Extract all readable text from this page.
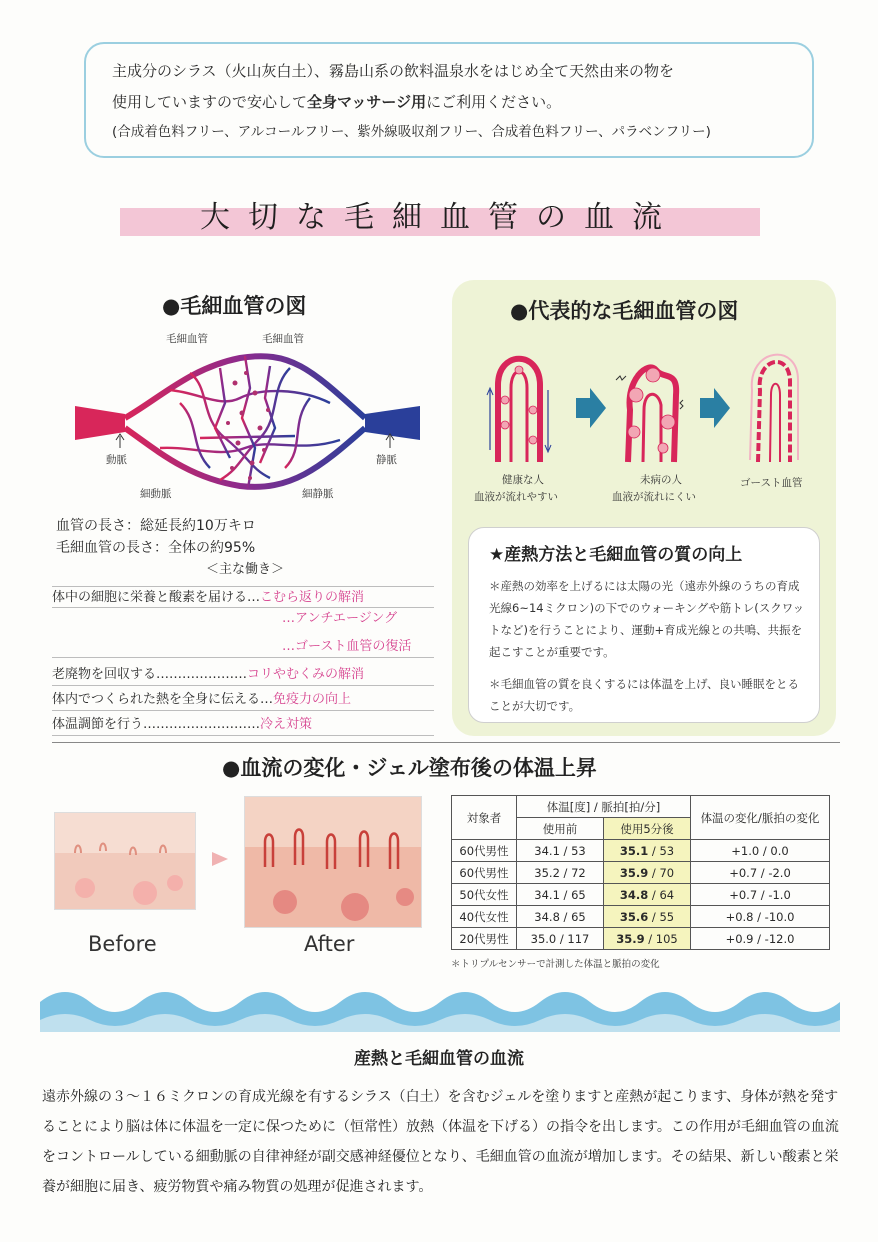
主成分のシラス（火山灰白土）、霧島山系の飲料温泉水をはじめ全て天然由来の物を
使用していますので安心して全身マッサージ用にご利用ください。
(合成着色料フリー、アルコールフリー、紫外線吸収剤フリー、合成着色料フリー、パラベンフリー)
大切な毛細血管の血流
●毛細血管の図
毛細血管	毛細血管
動脈	静脈
細動脈	細静脈
血管の長さ：総延長約10万キロ
毛細血管の長さ：全体の約95%
＜主な働き＞
体中の細胞に栄養と酸素を届ける…こむら返りの解消
…アンチエージング
…ゴースト血管の復活
老廃物を回収する…………………コリやむくみの解消
体内でつくられた熱を全身に伝える…免疫力の向上
体温調節を行う………………………冷え対策
●代表的な毛細血管の図
健康な人
血液が流れやすい
未病の人
血液が流れにくい
ゴースト血管
★産熱方法と毛細血管の質の向上

＊産熱の効率を上げるには太陽の光（遠赤外線のうちの育成光線6~14ミクロン)の下でのウォーキングや筋トレ(スクワットなど)を行うことにより、運動+育成光線との共鳴、共振を起こすことが重要です。

＊毛細血管の質を良くするには体温を上げ、良い睡眠をとることが大切です。

●血流の変化・ジェル塗布後の体温上昇
Before	After
対象者	体温[度] / 脈拍[拍/分]		体温の変化/脈拍の変化
	使用前	使用5分後	
60代男性	34.1 / 53	35.1 / 53	+1.0 / 0.0
60代男性	35.2 / 72	35.9 / 70	+0.7 / -2.0
50代女性	34.1 / 65	34.8 / 64	+0.7 / -1.0
40代女性	34.8 / 65	35.6 / 55	+0.8 / -10.0
20代男性	35.0 / 117	35.9 / 105	+0.9 / -12.0
＊トリプルセンサーで計測した体温と脈拍の変化
産熱と毛細血管の血流
遠赤外線の３～１６ミクロンの育成光線を有するシラス（白土）を含むジェルを塗りますと産熱が起こります、身体が熱を発することにより脳は体に体温を一定に保つために（恒常性）放熱（体温を下げる）の指令を出します。この作用が毛細血管の血流をコントロールしている細動脈の自律神経が副交感神経優位となり、毛細血管の血流が増加します。その結果、新しい酸素と栄養が細胞に届き、疲労物質や痛み物質の処理が促進されます。
